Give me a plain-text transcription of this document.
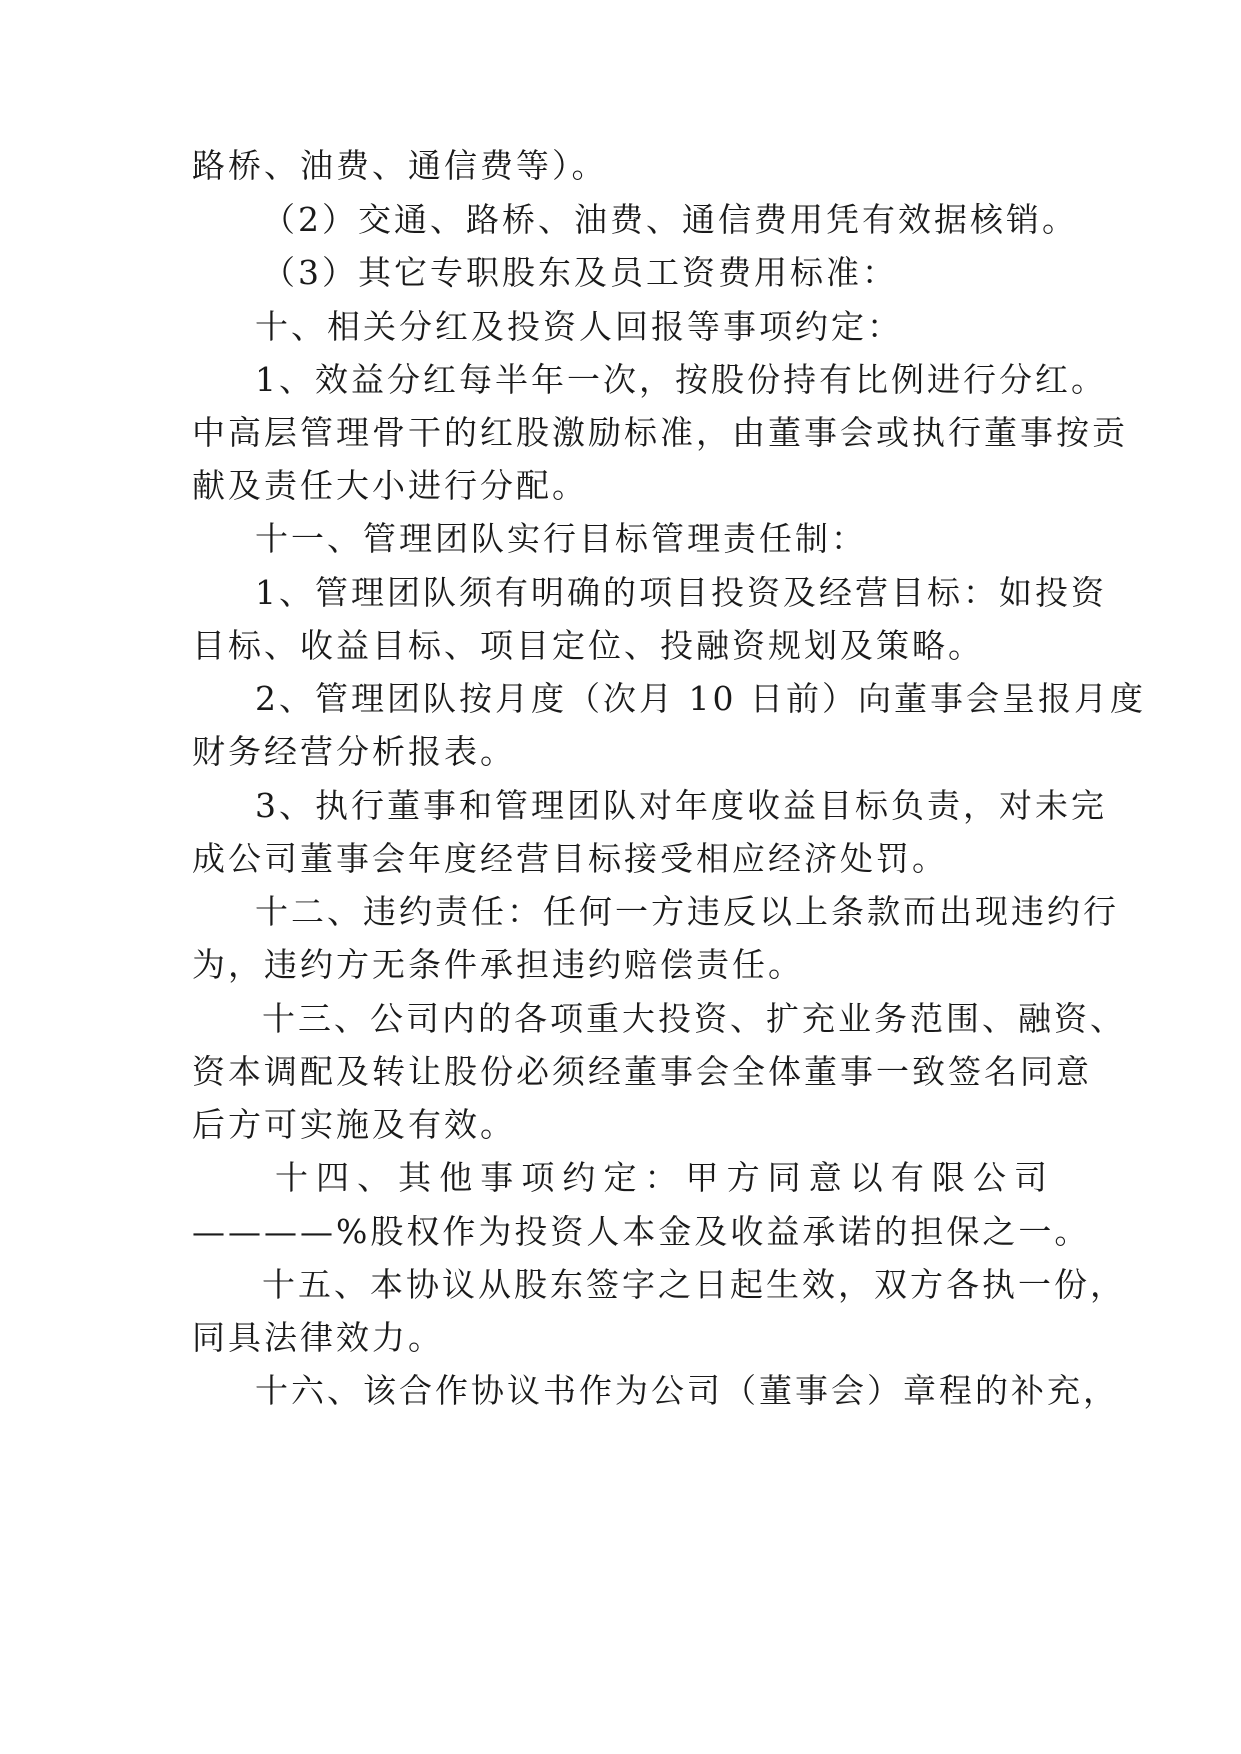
路桥、油费、通信费等）。
（2）交通、路桥、油费、通信费用凭有效据核销。
（3）其它专职股东及员工资费用标准：
十、相关分红及投资人回报等事项约定：
1、效益分红每半年一次，按股份持有比例进行分红。
中高层管理骨干的红股激励标准，由董事会或执行董事按贡
献及责任大小进行分配。
十一、管理团队实行目标管理责任制：
1、管理团队须有明确的项目投资及经营目标：如投资
目标、收益目标、项目定位、投融资规划及策略。
2、管理团队按月度（次月 10 日前）向董事会呈报月度
财务经营分析报表。
3、执行董事和管理团队对年度收益目标负责，对未完
成公司董事会年度经营目标接受相应经济处罚。
十二、违约责任：任何一方违反以上条款而出现违约行
为，违约方无条件承担违约赔偿责任。
十三、公司内的各项重大投资、扩充业务范围、融资、
资本调配及转让股份必须经董事会全体董事一致签名同意
后方可实施及有效。
十四、其他事项约定：甲方同意以有限公司
————%股权作为投资人本金及收益承诺的担保之一。
十五、本协议从股东签字之日起生效，双方各执一份，
同具法律效力。
十六、该合作协议书作为公司（董事会）章程的补充，
